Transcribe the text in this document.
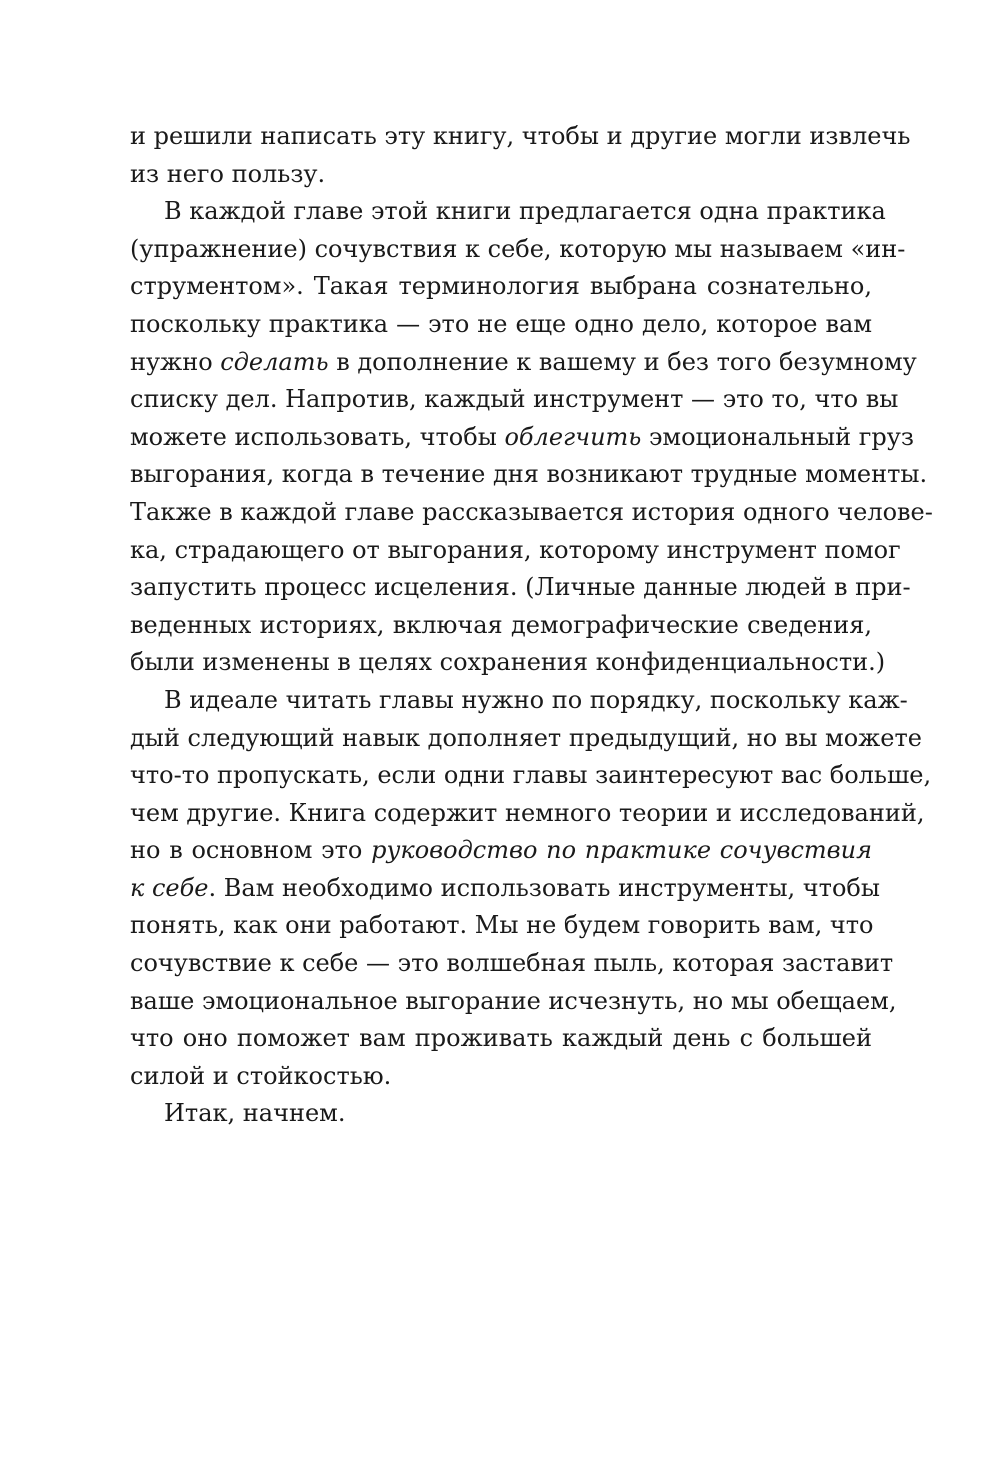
и решили написать эту книгу, чтобы и другие могли извлечь
из него пользу.
В каждой главе этой книги предлагается одна практика
(упражнение) сочувствия к себе, которую мы называем «ин-
струментом». Такая терминология выбрана сознательно,
поскольку практика — это не еще одно дело, которое вам
нужно сделать в дополнение к вашему и без того безумному
списку дел. Напротив, каждый инструмент — это то, что вы
можете использовать, чтобы облегчить эмоциональный груз
выгорания, когда в течение дня возникают трудные моменты.
Также в каждой главе рассказывается история одного челове-
ка, страдающего от выгорания, которому инструмент помог
запустить процесс исцеления. (Личные данные людей в при-
веденных историях, включая демографические сведения,
были изменены в целях сохранения конфиденциальности.)
В идеале читать главы нужно по порядку, поскольку каж-
дый следующий навык дополняет предыдущий, но вы можете
что-то пропускать, если одни главы заинтересуют вас больше,
чем другие. Книга содержит немного теории и исследований,
но в основном это руководство по практике сочувствия
к себе. Вам необходимо использовать инструменты, чтобы
понять, как они работают. Мы не будем говорить вам, что
сочувствие к себе — это волшебная пыль, которая заставит
ваше эмоциональное выгорание исчезнуть, но мы обещаем,
что оно поможет вам проживать каждый день с большей
силой и стойкостью.
Итак, начнем.
